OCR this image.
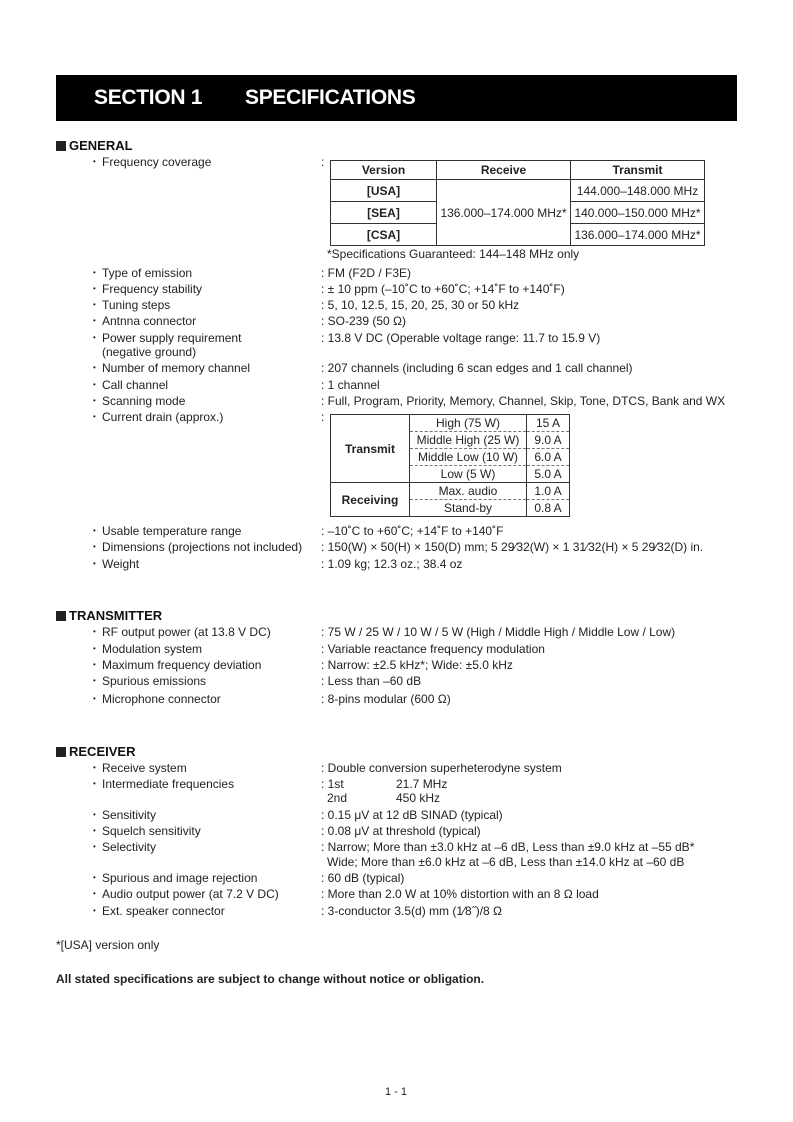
SECTION 1 SPECIFICATIONS
GENERAL
• Frequency coverage	:
Version	Receive	Transmit
[USA]	136.000–174.000 MHz*	144.000–148.000 MHz
[SEA]		140.000–150.000 MHz*
[CSA]		136.000–174.000 MHz*
*Specifications Guaranteed: 144–148 MHz only
• Type of emission	: FM (F2D / F3E)
• Frequency stability	: ± 10 ppm (–10˚C to +60˚C; +14˚F to +140˚F)
• Tuning steps	: 5, 10, 12.5, 15, 20, 25, 30 or 50 kHz
• Antnna connector	: SO-239 (50 Ω)
• Power supply requirement
(negative ground)
: 13.8 V DC (Operable voltage range: 11.7 to 15.9 V)
• Number of memory channel	: 207 channels (including 6 scan edges and 1 call channel)
• Call channel	: 1 channel
• Scanning mode	: Full, Program, Priority, Memory, Channel, Skip, Tone, DTCS, Bank and WX
• Current drain (approx.)	:
Transmit	High (75 W)	15 A
	Middle High (25 W)	9.0 A
	Middle Low (10 W)	6.0 A
	Low (5 W)	5.0 A
Receiving	Max. audio	1.0 A
	Stand-by	0.8 A
• Usable temperature range	: –10˚C to +60˚C; +14˚F to +140˚F
• Dimensions (projections not included) : 150(W) × 50(H) × 150(D) mm; 5 29⁄32(W) × 1 31⁄32(H) × 5 29⁄32(D) in.
• Weight	: 1.09 kg; 12.3 oz.; 38.4 oz
TRANSMITTER
• RF output power (at 13.8 V DC)	: 75 W / 25 W / 10 W / 5 W (High / Middle High / Middle Low / Low)
• Modulation system	: Variable reactance frequency modulation
• Maximum frequency deviation	: Narrow: ±2.5 kHz*; Wide: ±5.0 kHz
• Spurious emissions	: Less than –60 dB
• Microphone connector	: 8-pins modular (600 Ω)
RECEIVER
• Receive system	: Double conversion superheterodyne system
• Intermediate frequencies	: 1st	21.7 MHz
2nd	450 kHz
• Sensitivity	: 0.15 μV at 12 dB SINAD (typical)
• Squelch sensitivity	: 0.08 μV at threshold (typical)
• Selectivity	: Narrow; More than ±3.0 kHz at –6 dB, Less than ±9.0 kHz at –55 dB*
Wide; More than ±6.0 kHz at –6 dB, Less than ±14.0 kHz at –60 dB
• Spurious and image rejection	: 60 dB (typical)
• Audio output power (at 7.2 V DC)	: More than 2.0 W at 10% distortion with an 8 Ω load
• Ext. speaker connector	: 3-conductor 3.5(d) mm (1⁄8˝)/8 Ω
*[USA] version only
All stated specifications are subject to change without notice or obligation.
1 - 1
